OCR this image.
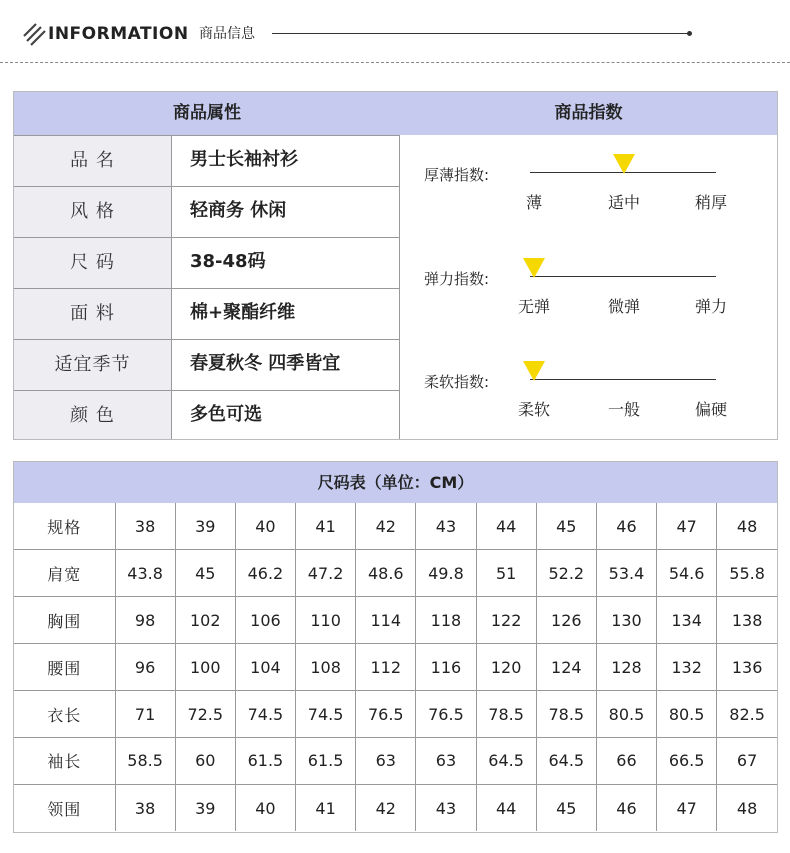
INFORMATION 商品信息
商品属性	商品指数
品 名	男士长袖衬衫
风 格	轻商务 休闲
尺 码	38-48码
面 料	棉+聚酯纤维
适宜季节	春夏秋冬 四季皆宜
颜 色	多色可选
厚薄指数:
薄	适中	稍厚
弹力指数:
无弹	微弹	弹力
柔软指数:
柔软	一般	偏硬
尺码表（单位：CM）
规格	38	39	40	41	42	43	44	45	46	47	48
肩宽	43.8	45	46.2	47.2	48.6	49.8	51	52.2	53.4	54.6	55.8
胸围	98	102	106	110	114	118	122	126	130	134	138
腰围	96	100	104	108	112	116	120	124	128	132	136
衣长	71	72.5	74.5	74.5	76.5	76.5	78.5	78.5	80.5	80.5	82.5
袖长	58.5	60	61.5	61.5	63	63	64.5	64.5	66	66.5	67
领围	38	39	40	41	42	43	44	45	46	47	48
